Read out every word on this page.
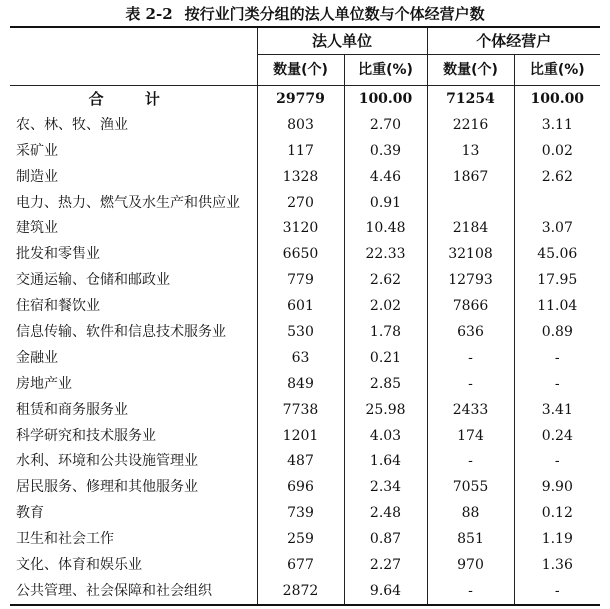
表 2-2 按行业门类分组的法人单位数与个体经营户数
	法人单位		个体经营户	
	数量(个)	比重(%)	数量(个)	比重(%)
合 计	29779	100.00	71254	100.00
农、林、牧、渔业	803	2.70	2216	3.11
采矿业	117	0.39	13	0.02
制造业	1328	4.46	1867	2.62
电力、热力、燃气及水生产和供应业	270	0.91		
建筑业	3120	10.48	2184	3.07
批发和零售业	6650	22.33	32108	45.06
交通运输、仓储和邮政业	779	2.62	12793	17.95
住宿和餐饮业	601	2.02	7866	11.04
信息传输、软件和信息技术服务业	530	1.78	636	0.89
金融业	63	0.21	-	-
房地产业	849	2.85	-	-
租赁和商务服务业	7738	25.98	2433	3.41
科学研究和技术服务业	1201	4.03	174	0.24
水利、环境和公共设施管理业	487	1.64	-	-
居民服务、修理和其他服务业	696	2.34	7055	9.90
教育	739	2.48	88	0.12
卫生和社会工作	259	0.87	851	1.19
文化、体育和娱乐业	677	2.27	970	1.36
公共管理、社会保障和社会组织	2872	9.64	-	-
